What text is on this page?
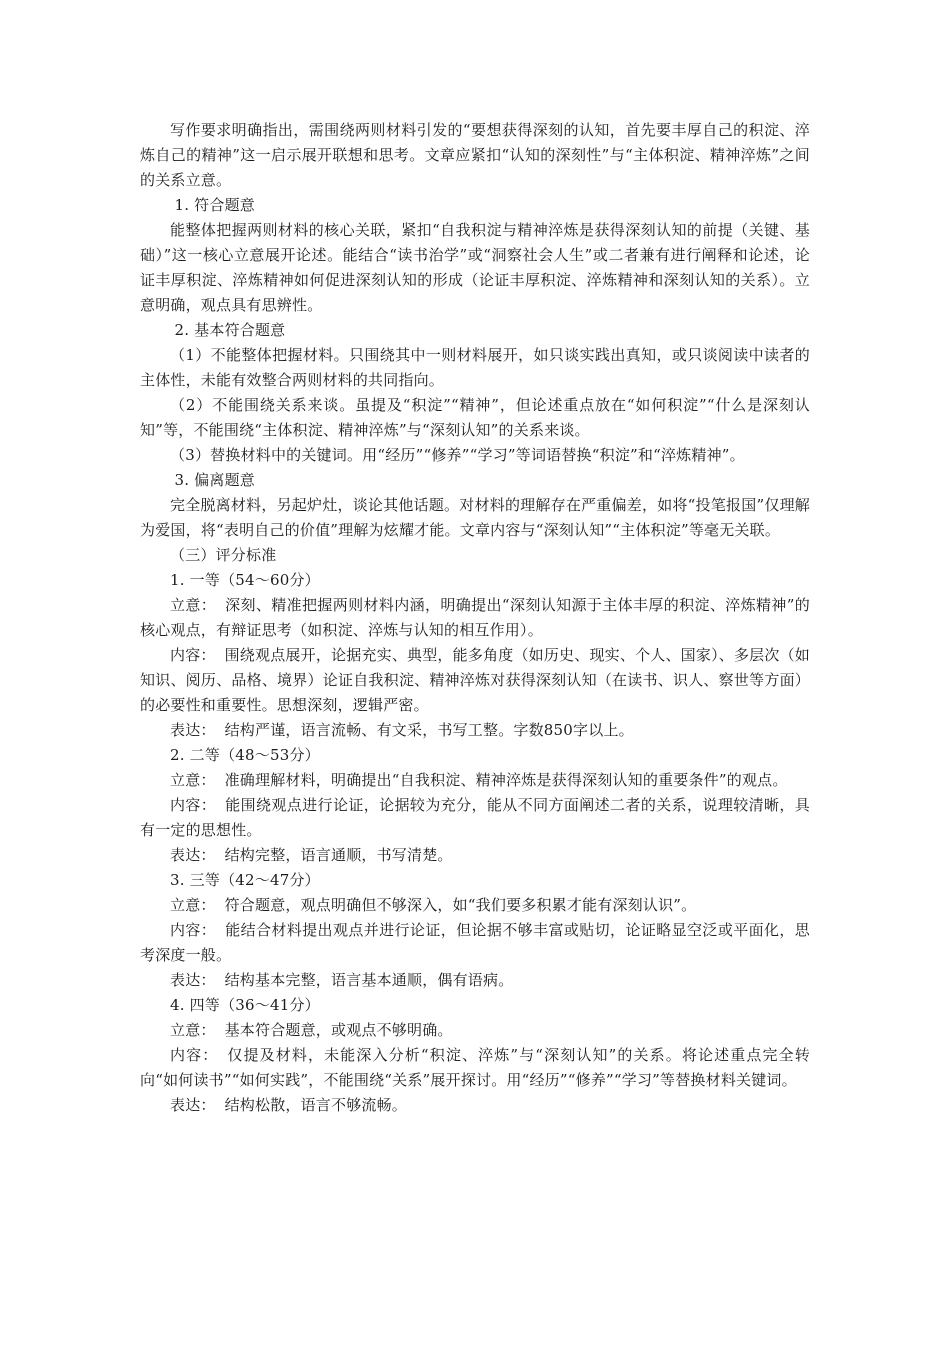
写作要求明确指出，需围绕两则材料引发的“要想获得深刻的认知，首先要丰厚自己的积淀、淬炼自己的精神”这一启示展开联想和思考。文章应紧扣“认知的深刻性”与“主体积淀、精神淬炼”之间的关系立意。

1. 符合题意

能整体把握两则材料的核心关联，紧扣“自我积淀与精神淬炼是获得深刻认知的前提（关键、基础）”这一核心立意展开论述。能结合“读书治学”或“洞察社会人生”或二者兼有进行阐释和论述，论证丰厚积淀、淬炼精神如何促进深刻认知的形成（论证丰厚积淀、淬炼精神和深刻认知的关系）。立意明确，观点具有思辨性。

2. 基本符合题意

（1）不能整体把握材料。只围绕其中一则材料展开，如只谈实践出真知，或只谈阅读中读者的主体性，未能有效整合两则材料的共同指向。

（2）不能围绕关系来谈。虽提及“积淀”“精神”，但论述重点放在“如何积淀”“什么是深刻认知”等，不能围绕“主体积淀、精神淬炼”与“深刻认知”的关系来谈。

（3）替换材料中的关键词。用“经历”“修养”“学习”等词语替换“积淀”和“淬炼精神”。

3. 偏离题意

完全脱离材料，另起炉灶，谈论其他话题。对材料的理解存在严重偏差，如将“投笔报国”仅理解为爱国，将“表明自己的价值”理解为炫耀才能。文章内容与“深刻认知”“主体积淀”等毫无关联。

（三）评分标准

1. 一等（54～60分）

立意： 深刻、精准把握两则材料内涵，明确提出“深刻认知源于主体丰厚的积淀、淬炼精神”的核心观点，有辩证思考（如积淀、淬炼与认知的相互作用）。

内容： 围绕观点展开，论据充实、典型，能多角度（如历史、现实、个人、国家）、多层次（如知识、阅历、品格、境界）论证自我积淀、精神淬炼对获得深刻认知（在读书、识人、察世等方面）的必要性和重要性。思想深刻，逻辑严密。

表达： 结构严谨，语言流畅、有文采，书写工整。字数850字以上。

2. 二等（48～53分）

立意： 准确理解材料，明确提出“自我积淀、精神淬炼是获得深刻认知的重要条件”的观点。

内容： 能围绕观点进行论证，论据较为充分，能从不同方面阐述二者的关系，说理较清晰，具有一定的思想性。

表达： 结构完整，语言通顺，书写清楚。

3. 三等（42～47分）

立意： 符合题意，观点明确但不够深入，如“我们要多积累才能有深刻认识”。

内容： 能结合材料提出观点并进行论证，但论据不够丰富或贴切，论证略显空泛或平面化，思考深度一般。

表达： 结构基本完整，语言基本通顺，偶有语病。

4. 四等（36～41分）

立意： 基本符合题意，或观点不够明确。

内容： 仅提及材料，未能深入分析“积淀、淬炼”与“深刻认知”的关系。将论述重点完全转向“如何读书”“如何实践”，不能围绕“关系”展开探讨。用“经历”“修养”“学习”等替换材料关键词。

表达： 结构松散，语言不够流畅。
